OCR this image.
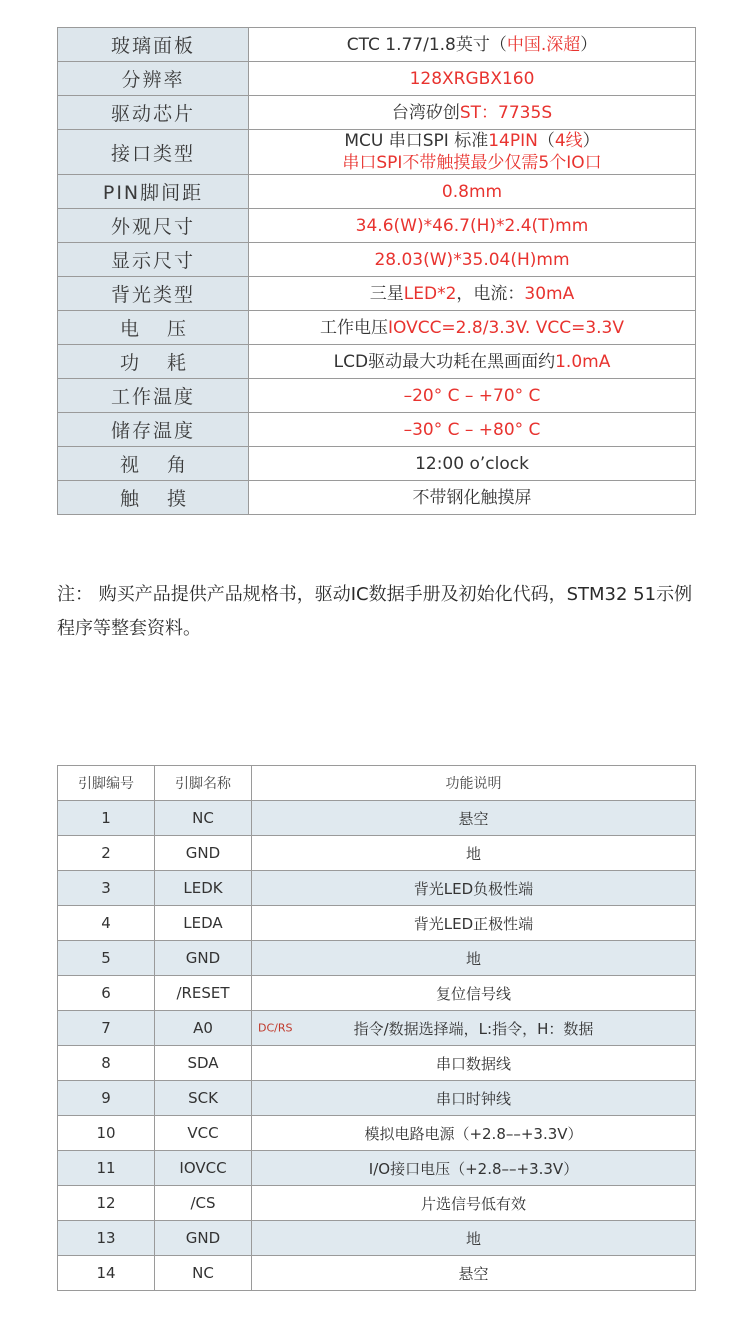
玻璃面板	CTC 1.77/1.8英寸（中国.深超）

分辨率	128XRGBX160

驱动芯片	台湾矽创ST：7735S

接口类型	MCU 串口SPI 标准14PIN（4线）
串口SPI不带触摸最少仅需5个IO口

PIN脚间距	0.8mm

外观尺寸	34.6(W)*46.7(H)*2.4(T)mm

显示尺寸	28.03(W)*35.04(H)mm

背光类型	三星LED*2，电流：30mA

电压	工作电压IOVCC=2.8/3.3V. VCC=3.3V

功耗	LCD驱动最大功耗在黑画面约1.0mA

工作温度	–20° C – +70° C

储存温度	–30° C – +80° C

视角	12:00 o’clock

触摸	不带钢化触摸屏
注： 购买产品提供产品规格书，驱动IC数据手册及初始化代码，STM32 51示例程序等整套资料。
引脚编号	引脚名称	功能说明
1	NC	悬空
2	GND	地
3	LEDK	背光LED负极性端
4	LEDA	背光LED正极性端
5	GND	地
6	/RESET	复位信号线
7	A0	DC/RS 指令/数据选择端，L:指令，H：数据
8	SDA	串口数据线
9	SCK	串口时钟线
10	VCC	模拟电路电源（+2.8––+3.3V）
11	IOVCC	I/O接口电压（+2.8––+3.3V）
12	/CS	片选信号低有效
13	GND	地
14	NC	悬空
